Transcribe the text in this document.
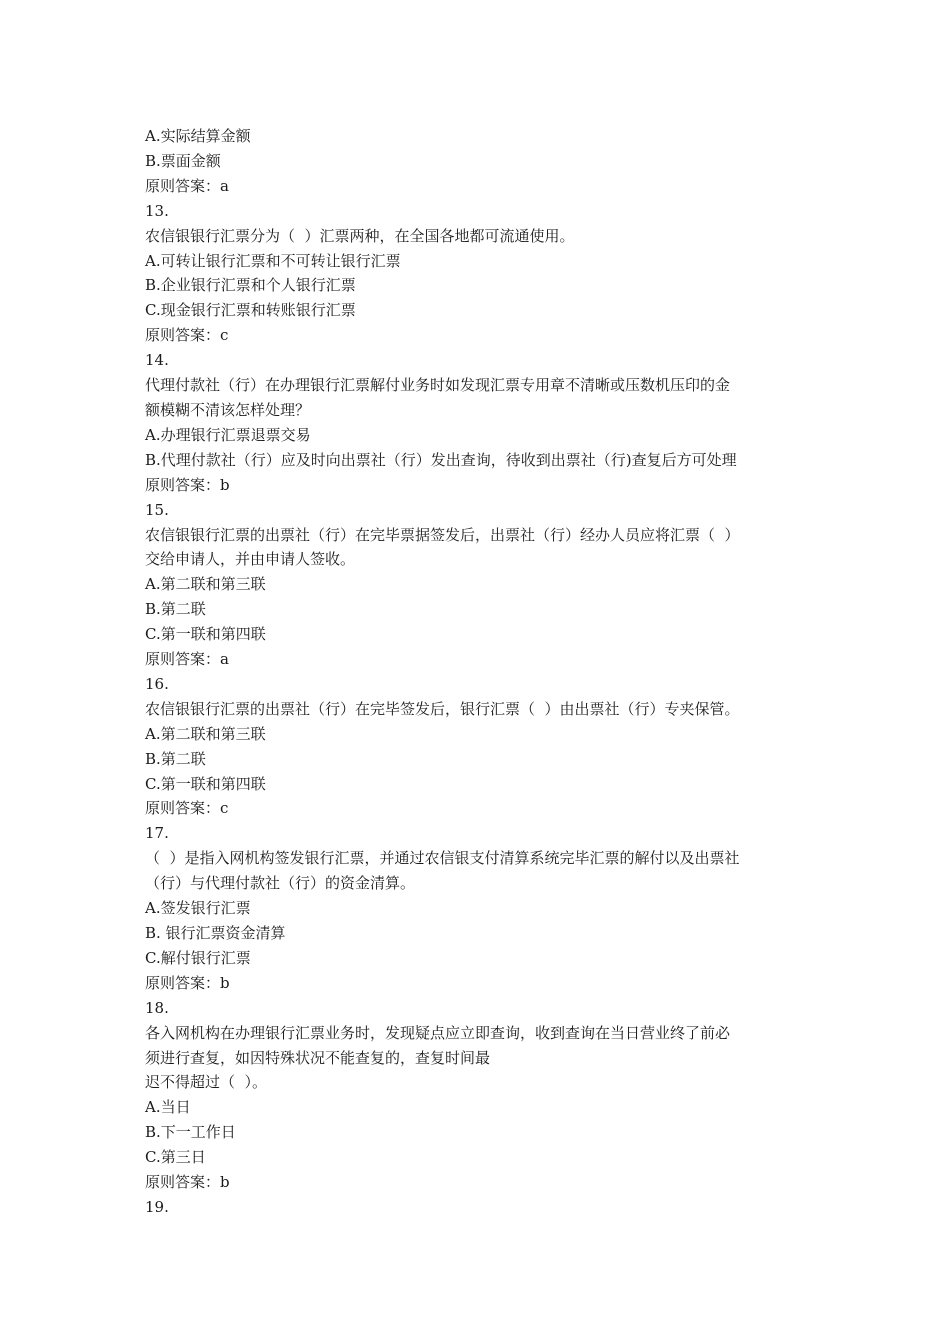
A.实际结算金额

B.票面金额

原则答案：a

13.

农信银银行汇票分为（  ）汇票两种，在全国各地都可流通使用。

A.可转让银行汇票和不可转让银行汇票

B.企业银行汇票和个人银行汇票

C.现金银行汇票和转账银行汇票

原则答案：c

14.

代理付款社（行）在办理银行汇票解付业务时如发现汇票专用章不清晰或压数机压印的金

额模糊不清该怎样处理？

A.办理银行汇票退票交易

B.代理付款社（行）应及时向出票社（行）发出查询，待收到出票社（行)查复后方可处理

原则答案：b

15.

农信银银行汇票的出票社（行）在完毕票据签发后，出票社（行）经办人员应将汇票（  ）

交给申请人，并由申请人签收。

A.第二联和第三联

B.第二联

C.第一联和第四联

原则答案：a

16.

农信银银行汇票的出票社（行）在完毕签发后，银行汇票（  ）由出票社（行）专夹保管。

A.第二联和第三联

B.第二联

C.第一联和第四联

原则答案：c

17.

（  ）是指入网机构签发银行汇票，并通过农信银支付清算系统完毕汇票的解付以及出票社

（行）与代理付款社（行）的资金清算。

A.签发银行汇票

B. 银行汇票资金清算

C.解付银行汇票

原则答案：b

18.

各入网机构在办理银行汇票业务时，发现疑点应立即查询，收到查询在当日营业终了前必

须进行查复，如因特殊状况不能查复的，查复时间最

迟不得超过（  ）。

A.当日

B.下一工作日

C.第三日

原则答案：b

19.
